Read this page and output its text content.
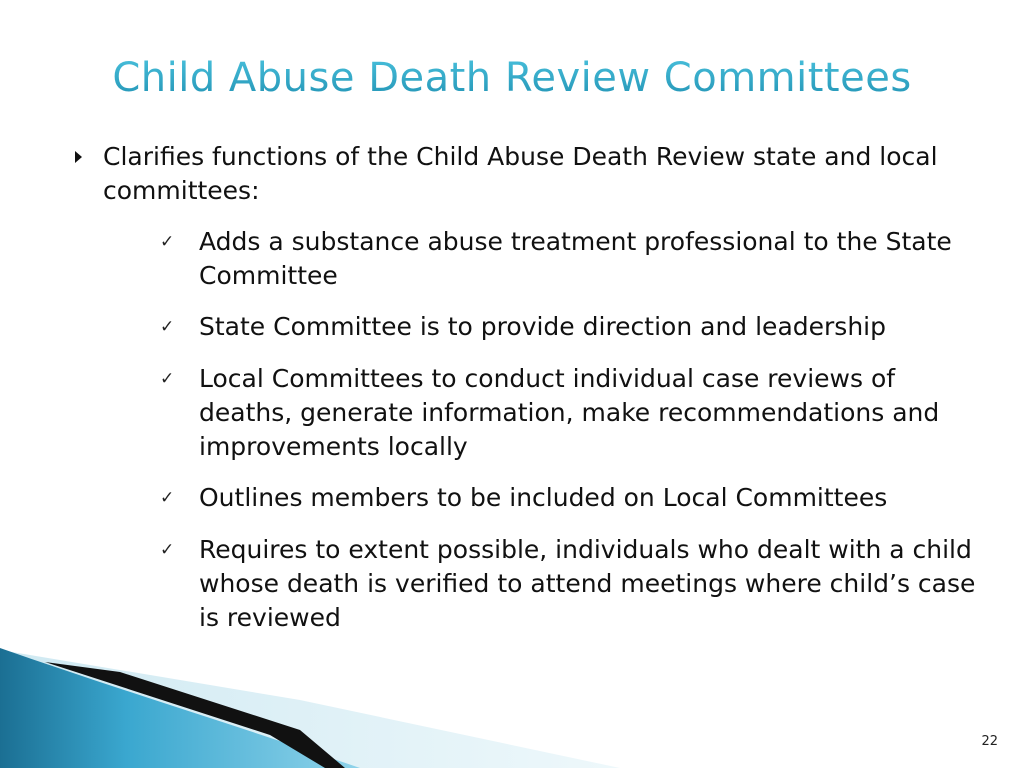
Child Abuse Death Review Committees
Clarifies functions of the Child Abuse Death Review state and local committees:
✓ Adds a substance abuse treatment professional to the State Committee
✓ State Committee is to provide direction and leadership
✓ Local Committees to conduct individual case reviews of deaths, generate information, make recommendations and improvements locally
✓ Outlines members to be included on Local Committees
✓ Requires to extent possible, individuals who dealt with a child whose death is verified to attend meetings where child’s case is reviewed
22
